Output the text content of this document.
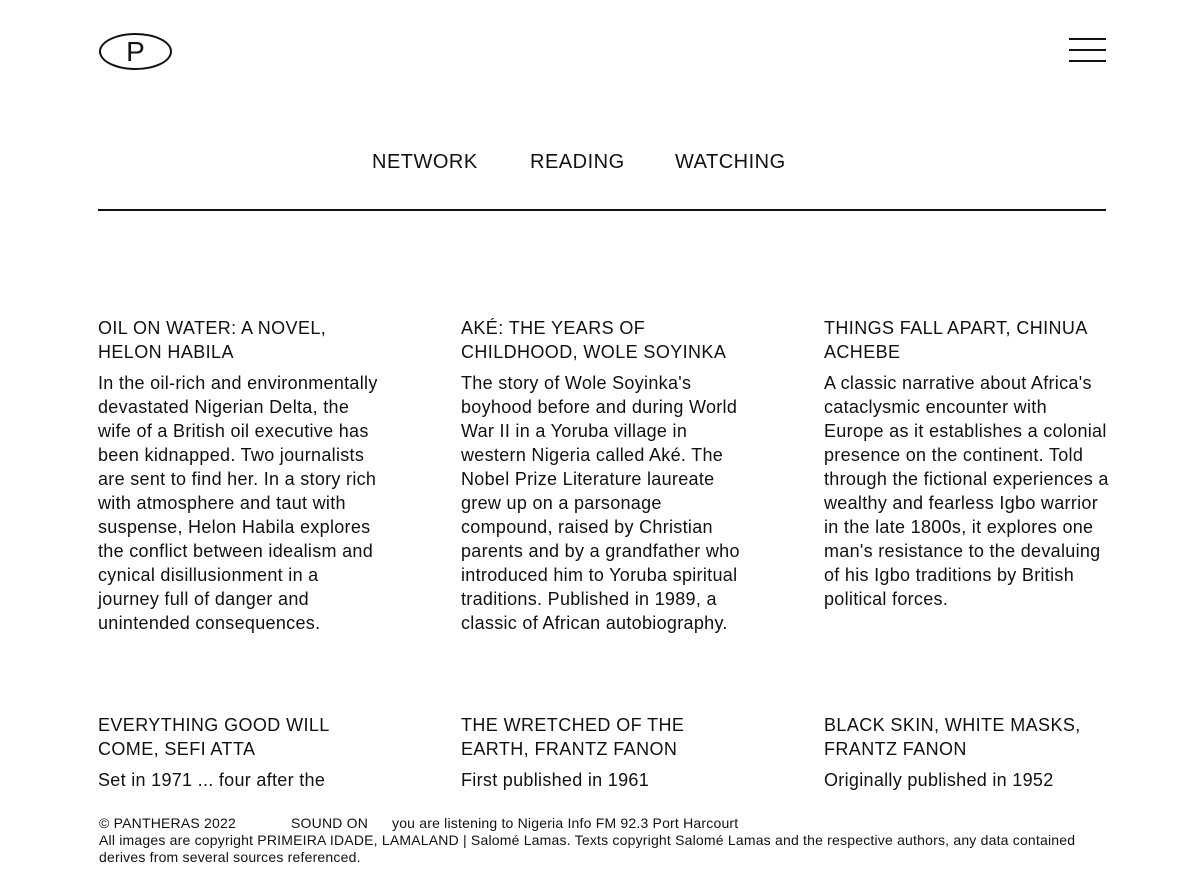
P
NETWORK	READING	WATCHING
OIL ON WATER: A NOVEL, HELON HABILA

In the oil-rich and environmentally devastated Nigerian Delta, the wife of a British oil executive has been kidnapped. Two journalists are sent to find her. In a story rich with atmosphere and taut with suspense, Helon Habila explores the conflict between idealism and cynical disillusionment in a journey full of danger and unintended consequences.

AKÉ: THE YEARS OF CHILDHOOD, WOLE SOYINKA

The story of Wole Soyinka's boyhood before and during World War II in a Yoruba village in western Nigeria called Aké. The Nobel Prize Literature laureate grew up on a parsonage compound, raised by Christian parents and by a grandfather who introduced him to Yoruba spiritual traditions. Published in 1989, a classic of African autobiography.

THINGS FALL APART, CHINUA ACHEBE

A classic narrative about Africa's cataclysmic encounter with Europe as it establishes a colonial presence on the continent. Told through the fictional experiences a wealthy and fearless Igbo warrior in the late 1800s, it explores one man's resistance to the devaluing of his Igbo traditions by British political forces.

EVERYTHING GOOD WILL COME, SEFI ATTA

Set in 1971 ... four after the

THE WRETCHED OF THE EARTH, FRANTZ FANON

First published in 1961

BLACK SKIN, WHITE MASKS, FRANTZ FANON

Originally published in 1952

© PANTHERAS 2022	SOUND ON you are listening to Nigeria Info FM 92.3 Port Harcourt
All images are copyright PRIMEIRA IDADE, LAMALAND | Salomé Lamas. Texts copyright Salomé Lamas and the respective authors, any data contained derives from several sources referenced.
